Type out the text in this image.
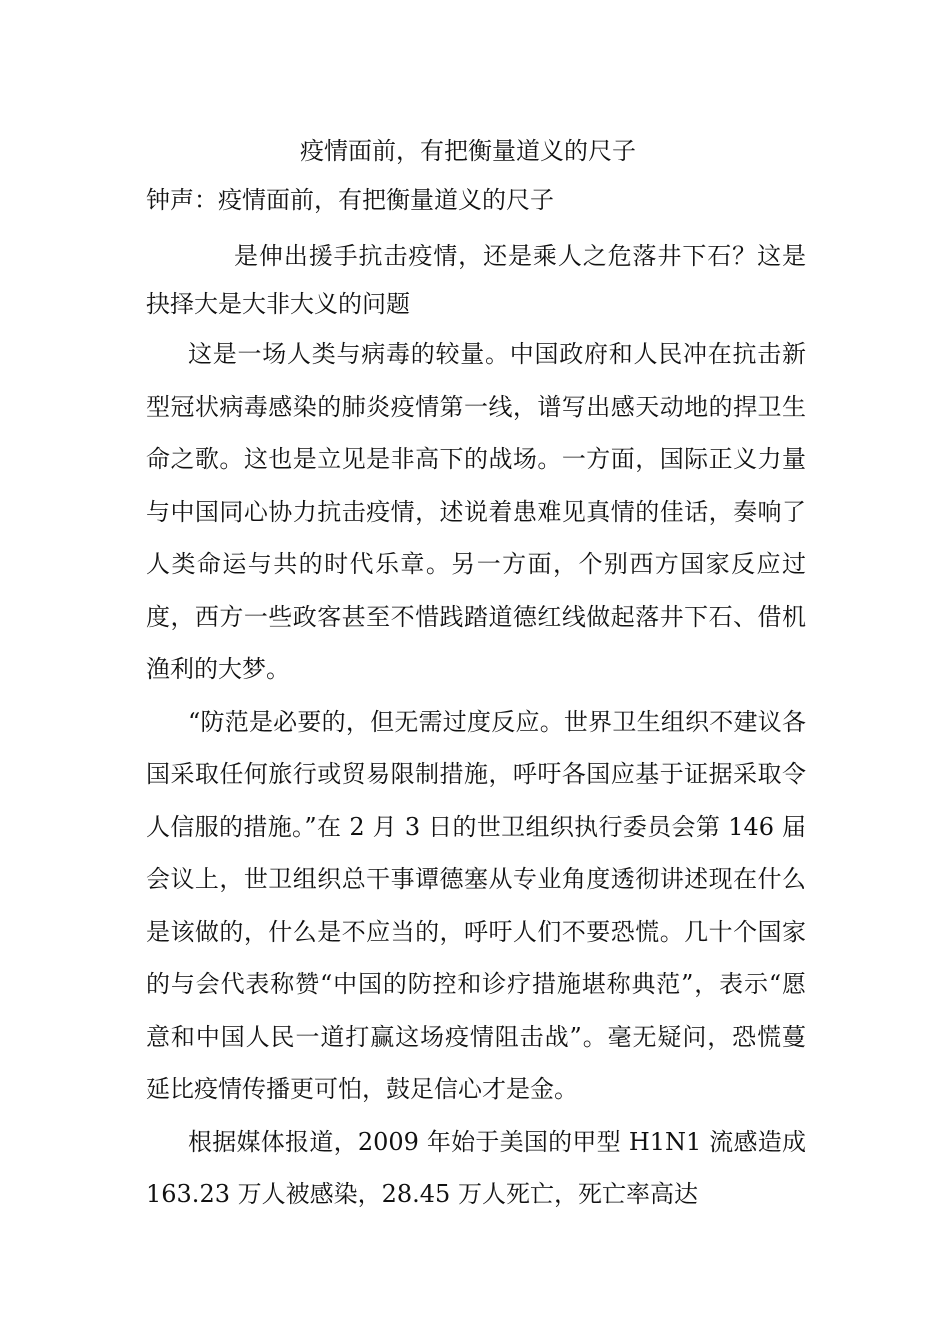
疫情面前，有把衡量道义的尺子
钟声：疫情面前，有把衡量道义的尺子
是伸出援手抗击疫情，还是乘人之危落井下石？这是抉择大是大非大义的问题

这是一场人类与病毒的较量。中国政府和人民冲在抗击新型冠状病毒感染的肺炎疫情第一线，谱写出感天动地的捍卫生命之歌。这也是立见是非高下的战场。一方面，国际正义力量与中国同心协力抗击疫情，述说着患难见真情的佳话，奏响了人类命运与共的时代乐章。另一方面，个别西方国家反应过度，西方一些政客甚至不惜践踏道德红线做起落井下石、借机渔利的大梦。

“防范是必要的，但无需过度反应。世界卫生组织不建议各国采取任何旅行或贸易限制措施，呼吁各国应基于证据采取令人信服的措施。”在 2 月 3 日的世卫组织执行委员会第 146 届会议上，世卫组织总干事谭德塞从专业角度透彻讲述现在什么是该做的，什么是不应当的，呼吁人们不要恐慌。几十个国家的与会代表称赞“中国的防控和诊疗措施堪称典范”，表示“愿意和中国人民一道打赢这场疫情阻击战”。毫无疑问，恐慌蔓延比疫情传播更可怕，鼓足信心才是金。

根据媒体报道，2009 年始于美国的甲型 H1N1 流感造成 163.23 万人被感染，28.45 万人死亡，死亡率高达
